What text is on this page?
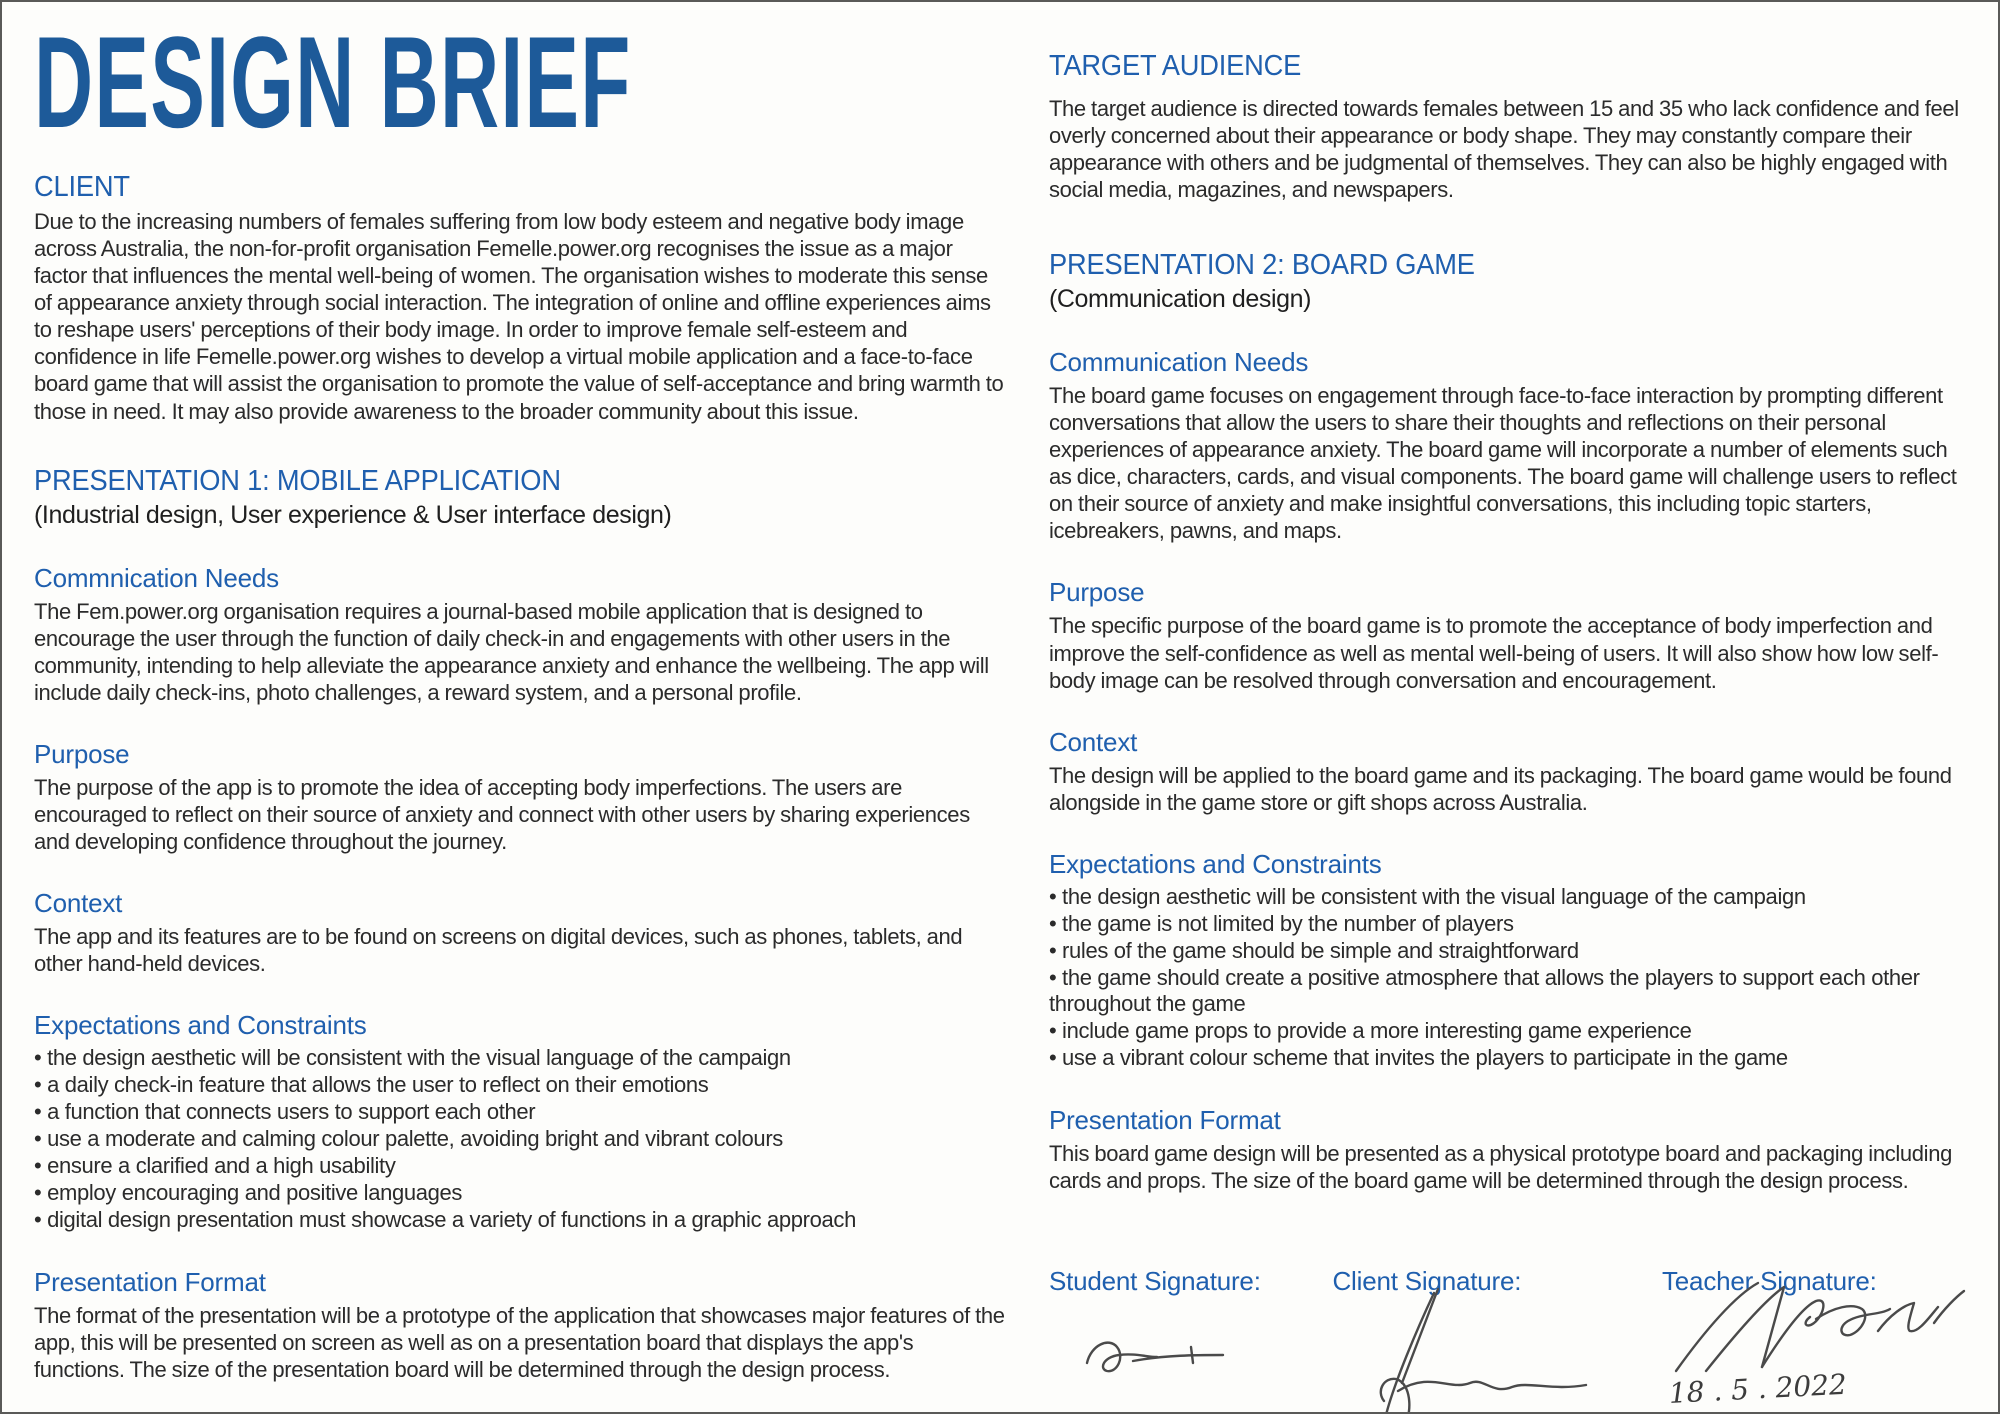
DESIGN BRIEF
CLIENT

Due to the increasing numbers of females suffering from low body esteem and negative body image across Australia, the non-for-profit organisation Femelle.power.org recognises the issue as a major factor that influences the mental well-being of women. The organisation wishes to moderate this sense of appearance anxiety through social interaction. The integration of online and offline experiences aims to reshape users' perceptions of their body image. In order to improve female self-esteem and confidence in life Femelle.power.org wishes to develop a virtual mobile application and a face-to-face board game that will assist the organisation to promote the value of self-acceptance and bring warmth to those in need. It may also provide awareness to the broader community about this issue.

PRESENTATION 1: MOBILE APPLICATION
(Industrial design, User experience & User interface design)
Commnication Needs

The Fem.power.org organisation requires a journal-based mobile application that is designed to encourage the user through the function of daily check-in and engagements with other users in the community, intending to help alleviate the appearance anxiety and enhance the wellbeing. The app will include daily check-ins, photo challenges, a reward system, and a personal profile.

Purpose

The purpose of the app is to promote the idea of accepting body imperfections. The users are encouraged to reflect on their source of anxiety and connect with other users by sharing experiences and developing confidence throughout the journey.

Context

The app and its features are to be found on screens on digital devices, such as phones, tablets, and other hand-held devices.

Expectations and Constraints
• the design aesthetic will be consistent with the visual language of the campaign
• a daily check-in feature that allows the user to reflect on their emotions
• a function that connects users to support each other
• use a moderate and calming colour palette, avoiding bright and vibrant colours
• ensure a clarified and a high usability
• employ encouraging and positive languages
• digital design presentation must showcase a variety of functions in a graphic approach
Presentation Format

The format of the presentation will be a prototype of the application that showcases major features of the app, this will be presented on screen as well as on a presentation board that displays the app's functions. The size of the presentation board will be determined through the design process.

TARGET AUDIENCE

The target audience is directed towards females between 15 and 35 who lack confidence and feel overly concerned about their appearance or body shape. They may constantly compare their appearance with others and be judgmental of themselves. They can also be highly engaged with social media, magazines, and newspapers.

PRESENTATION 2: BOARD GAME
(Communication design)
Communication Needs

The board game focuses on engagement through face-to-face interaction by prompting different conversations that allow the users to share their thoughts and reflections on their personal experiences of appearance anxiety. The board game will incorporate a number of elements such as dice, characters, cards, and visual components. The board game will challenge users to reflect on their source of anxiety and make insightful conversations, this including topic starters, icebreakers, pawns, and maps.

Purpose

The specific purpose of the board game is to promote the acceptance of body imperfection and improve the self-confidence as well as mental well-being of users. It will also show how low self-body image can be resolved through conversation and encouragement.

Context

The design will be applied to the board game and its packaging. The board game would be found alongside in the game store or gift shops across Australia.

Expectations and Constraints
• the design aesthetic will be consistent with the visual language of the campaign
• the game is not limited by the number of players
• rules of the game should be simple and straightforward
• the game should create a positive atmosphere that allows the players to support each other throughout the game
• include game props to provide a more interesting game experience
• use a vibrant colour scheme that invites the players to participate in the game
Presentation Format

This board game design will be presented as a physical prototype board and packaging including cards and props. The size of the board game will be determined through the design process.

Student Signature:	Client Signature:	Teacher Signature:
18 . 5 . 2022
